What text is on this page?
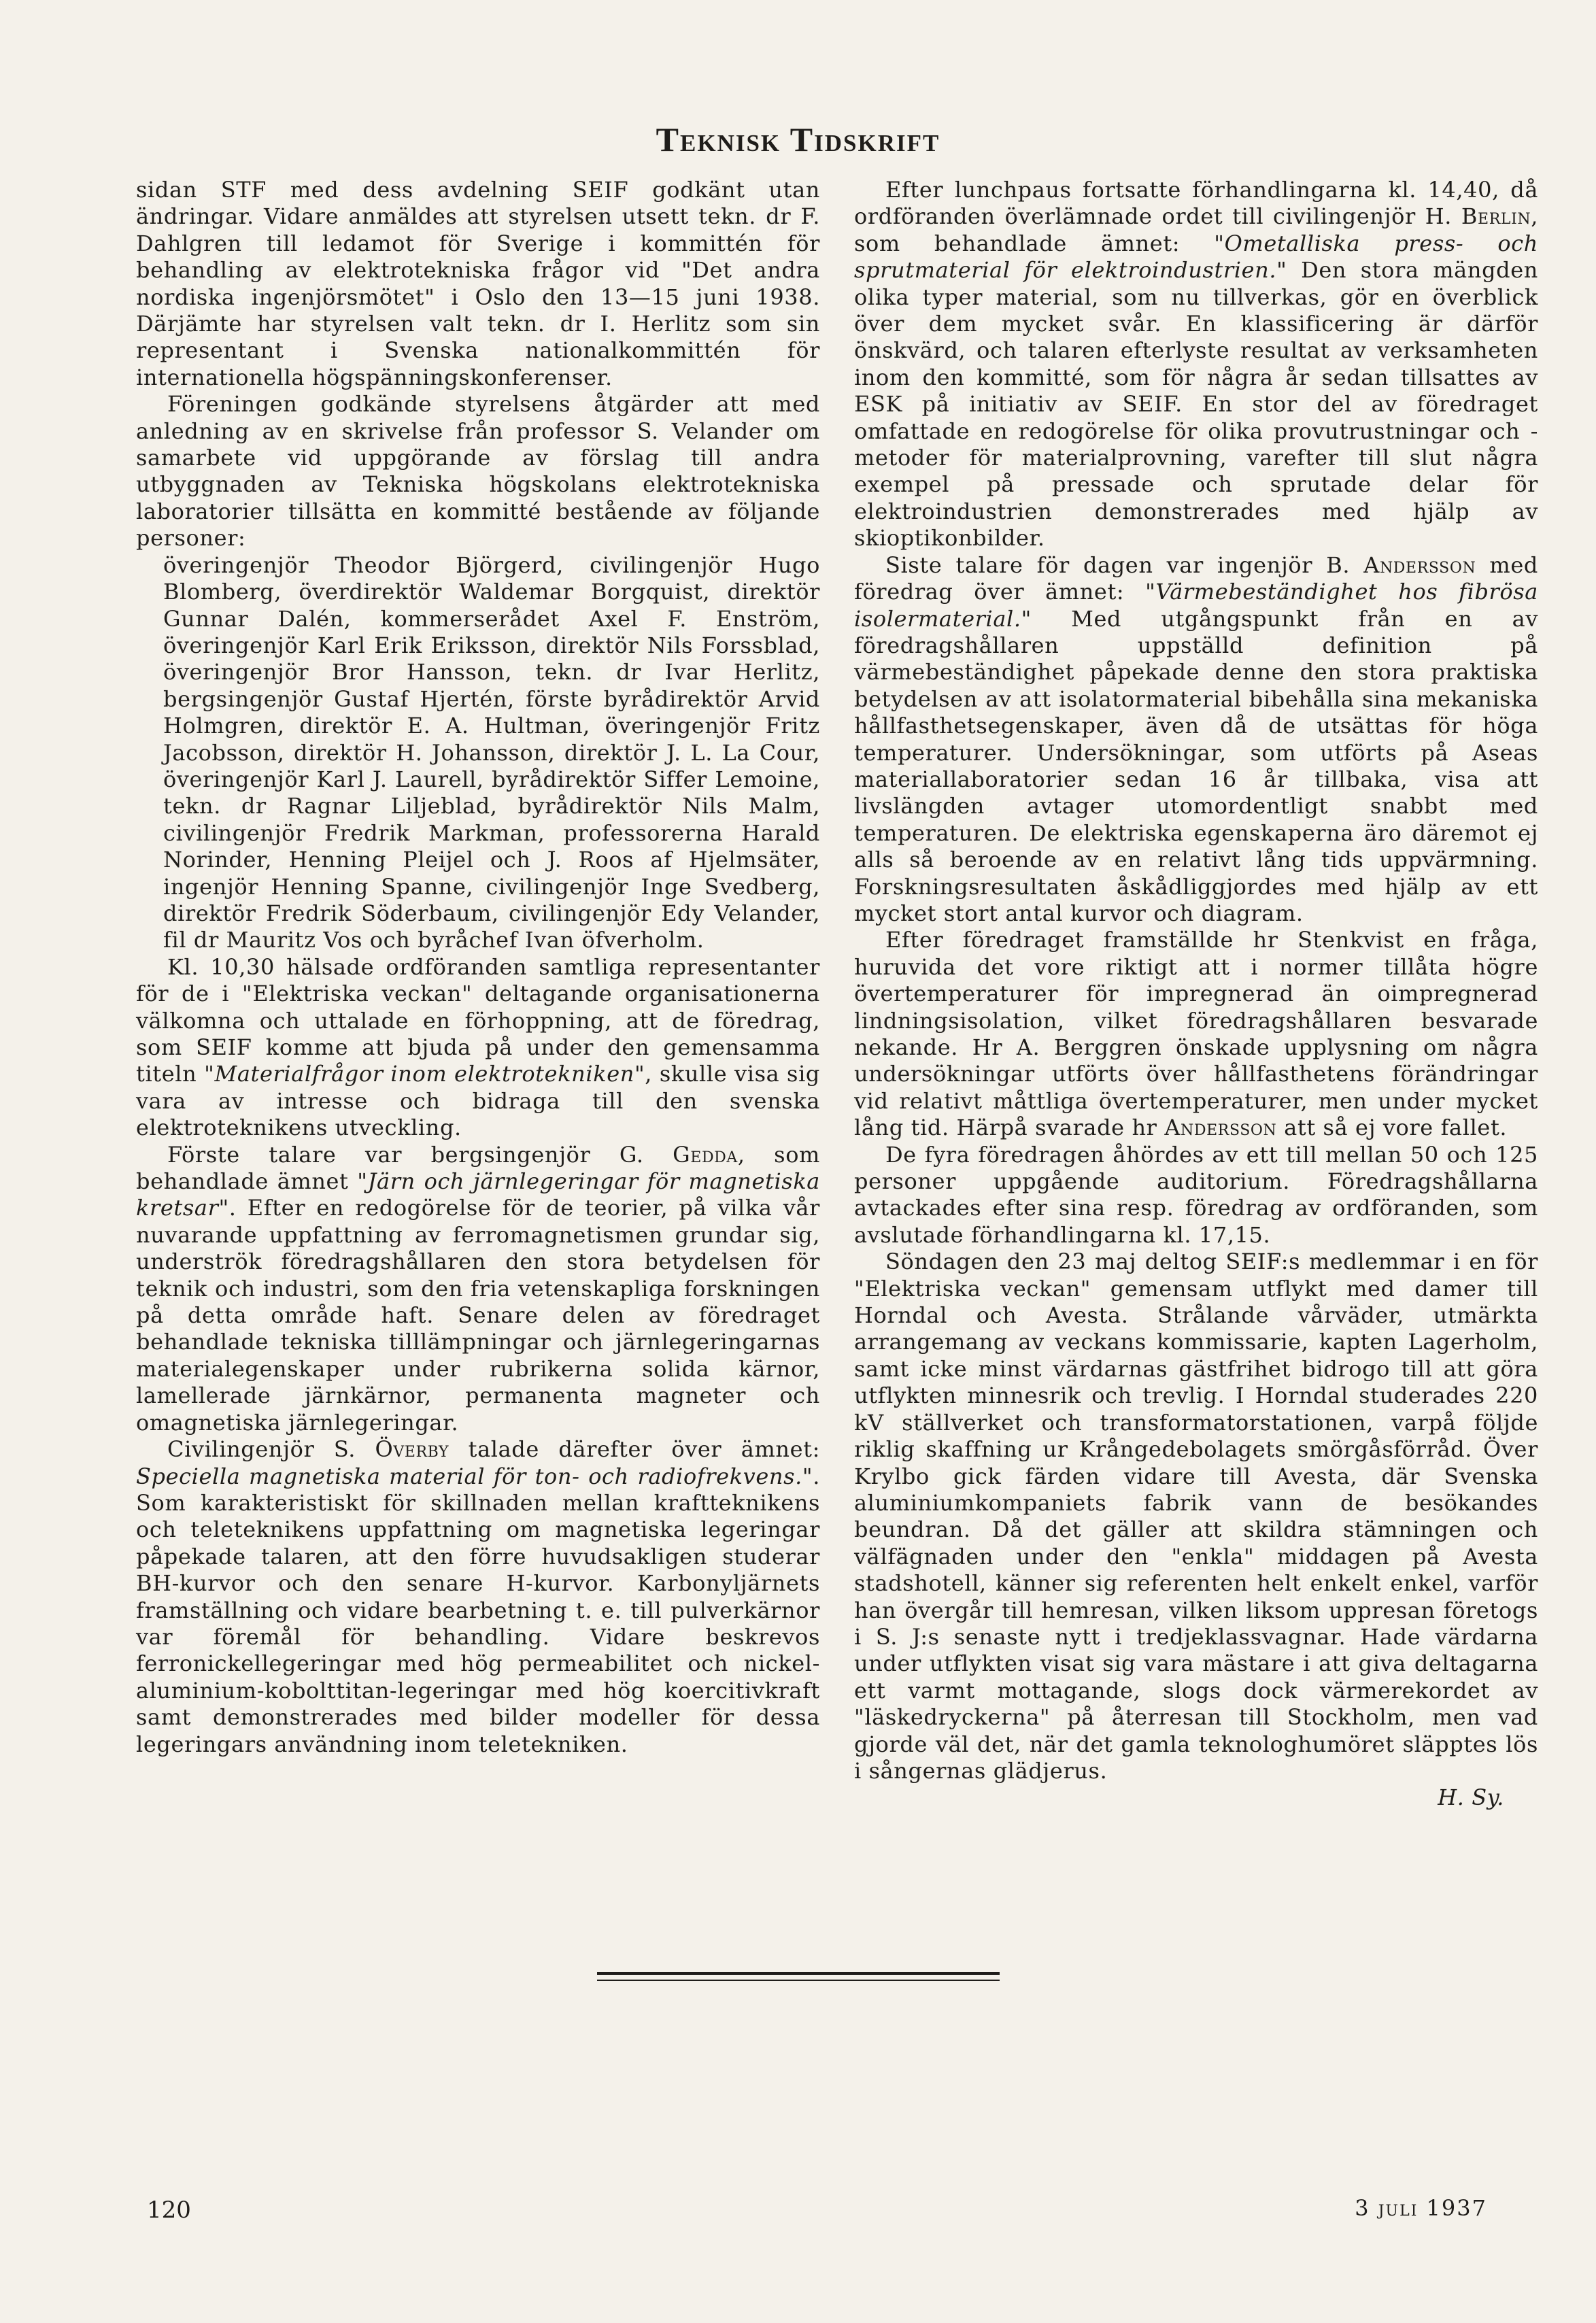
Teknisk Tidskrift

sidan STF med dess avdelning SEIF godkänt utan ändringar. Vidare anmäldes att styrelsen utsett tekn. dr F. Dahlgren till ledamot för Sverige i kommittén för behandling av elektrotekniska frågor vid "Det andra nordiska ingenjörsmötet" i Oslo den 13—15 juni 1938. Därjämte har styrelsen valt tekn. dr I. Herlitz som sin representant i Svenska nationalkommittén för internationella högspänningskonferenser.

Föreningen godkände styrelsens åtgärder att med anledning av en skrivelse från professor S. Velander om samarbete vid uppgörande av förslag till andra utbyggnaden av Tekniska högskolans elektrotekniska laboratorier tillsätta en kommitté bestående av följande personer:

överingenjör Theodor Björgerd, civilingenjör Hugo Blomberg, överdirektör Waldemar Borgquist, direktör Gunnar Dalén, kommerserådet Axel F. Enström, överingenjör Karl Erik Eriksson, direktör Nils Forssblad, överingenjör Bror Hansson, tekn. dr Ivar Herlitz, bergsingenjör Gustaf Hjertén, förste byrådirektör Arvid Holmgren, direktör E. A. Hultman, överingenjör Fritz Jacobsson, direktör H. Johansson, direktör J. L. La Cour, överingenjör Karl J. Laurell, byrådirektör Siffer Lemoine, tekn. dr Ragnar Liljeblad, byrådirektör Nils Malm, civilingenjör Fredrik Markman, professorerna Harald Norinder, Henning Pleijel och J. Roos af Hjelmsäter, ingenjör Henning Spanne, civilingenjör Inge Svedberg, direktör Fredrik Söderbaum, civilingenjör Edy Velander, fil dr Mauritz Vos och byråchef Ivan öfverholm.

Kl. 10,30 hälsade ordföranden samtliga representanter för de i "Elektriska veckan" deltagande organisationerna välkomna och uttalade en förhoppning, att de föredrag, som SEIF komme att bjuda på under den gemensamma titeln "Materialfrågor inom elektrotekniken", skulle visa sig vara av intresse och bidraga till den svenska elektroteknikens utveckling.

Förste talare var bergsingenjör G. Gedda, som behandlade ämnet "Järn och järnlegeringar för magnetiska kretsar". Efter en redogörelse för de teorier, på vilka vår nuvarande uppfattning av ferromagnetismen grundar sig, underströk föredragshållaren den stora betydelsen för teknik och industri, som den fria vetenskapliga forskningen på detta område haft. Senare delen av föredraget behandlade tekniska tilllämpningar och järnlegeringarnas materialegenskaper under rubrikerna solida kärnor, lamellerade järnkärnor, permanenta magneter och omagnetiska järnlegeringar.

Civilingenjör S. Överby talade därefter över ämnet: Speciella magnetiska material för ton- och radiofrekvens.". Som karakteristiskt för skillnaden mellan kraftteknikens och teleteknikens uppfattning om magnetiska legeringar påpekade talaren, att den förre huvudsakligen studerar BH-kurvor och den senare H-kurvor. Karbonyljärnets framställning och vidare bearbetning t. e. till pulverkärnor var föremål för behandling. Vidare beskrevos ferronickellegeringar med hög permeabilitet och nickel-aluminium-kobolttitan-legeringar med hög koercitivkraft samt demonstrerades med bilder modeller för dessa legeringars användning inom teletekniken.

Efter lunchpaus fortsatte förhandlingarna kl. 14,40, då ordföranden överlämnade ordet till civilingenjör H. Berlin, som behandlade ämnet: "Ometalliska press- och sprutmaterial för elektroindustrien." Den stora mängden olika typer material, som nu tillverkas, gör en överblick över dem mycket svår. En klassificering är därför önskvärd, och talaren efterlyste resultat av verksamheten inom den kommitté, som för några år sedan tillsattes av ESK på initiativ av SEIF. En stor del av föredraget omfattade en redogörelse för olika provutrustningar och -metoder för materialprovning, varefter till slut några exempel på pressade och sprutade delar för elektroindustrien demonstrerades med hjälp av skioptikonbilder.

Siste talare för dagen var ingenjör B. Andersson med föredrag över ämnet: "Värmebeständighet hos fibrösa isolermaterial." Med utgångspunkt från en av föredragshållaren uppställd definition på värmebeständighet påpekade denne den stora praktiska betydelsen av att isolatormaterial bibehålla sina mekaniska hållfasthetsegenskaper, även då de utsättas för höga temperaturer. Undersökningar, som utförts på Aseas materiallaboratorier sedan 16 år tillbaka, visa att livslängden avtager utomordentligt snabbt med temperaturen. De elektriska egenskaperna äro däremot ej alls så beroende av en relativt lång tids uppvärmning. Forskningsresultaten åskådliggjordes med hjälp av ett mycket stort antal kurvor och diagram.

Efter föredraget framställde hr Stenkvist en fråga, huruvida det vore riktigt att i normer tillåta högre övertemperaturer för impregnerad än oimpregnerad lindningsisolation, vilket föredragshållaren besvarade nekande. Hr A. Berggren önskade upplysning om några undersökningar utförts över hållfasthetens förändringar vid relativt måttliga övertemperaturer, men under mycket lång tid. Härpå svarade hr Andersson att så ej vore fallet.

De fyra föredragen åhördes av ett till mellan 50 och 125 personer uppgående auditorium. Föredragshållarna avtackades efter sina resp. föredrag av ordföranden, som avslutade förhandlingarna kl. 17,15.

Söndagen den 23 maj deltog SEIF:s medlemmar i en för "Elektriska veckan" gemensam utflykt med damer till Horndal och Avesta. Strålande vårväder, utmärkta arrangemang av veckans kommissarie, kapten Lagerholm, samt icke minst värdarnas gästfrihet bidrogo till att göra utflykten minnesrik och trevlig. I Horndal studerades 220 kV ställverket och transformatorstationen, varpå följde riklig skaffning ur Krångedebolagets smörgåsförråd. Över Krylbo gick färden vidare till Avesta, där Svenska aluminiumkompaniets fabrik vann de besökandes beundran. Då det gäller att skildra stämningen och välfägnaden under den "enkla" middagen på Avesta stadshotell, känner sig referenten helt enkelt enkel, varför han övergår till hemresan, vilken liksom uppresan företogs i S. J:s senaste nytt i tredjeklassvagnar. Hade värdarna under utflykten visat sig vara mästare i att giva deltagarna ett varmt mottagande, slogs dock värmerekordet av "läskedryckerna" på återresan till Stockholm, men vad gjorde väl det, när det gamla teknologhumöret släpptes lös i sångernas glädjerus.

H. Sy.

120	3 juli 1937
